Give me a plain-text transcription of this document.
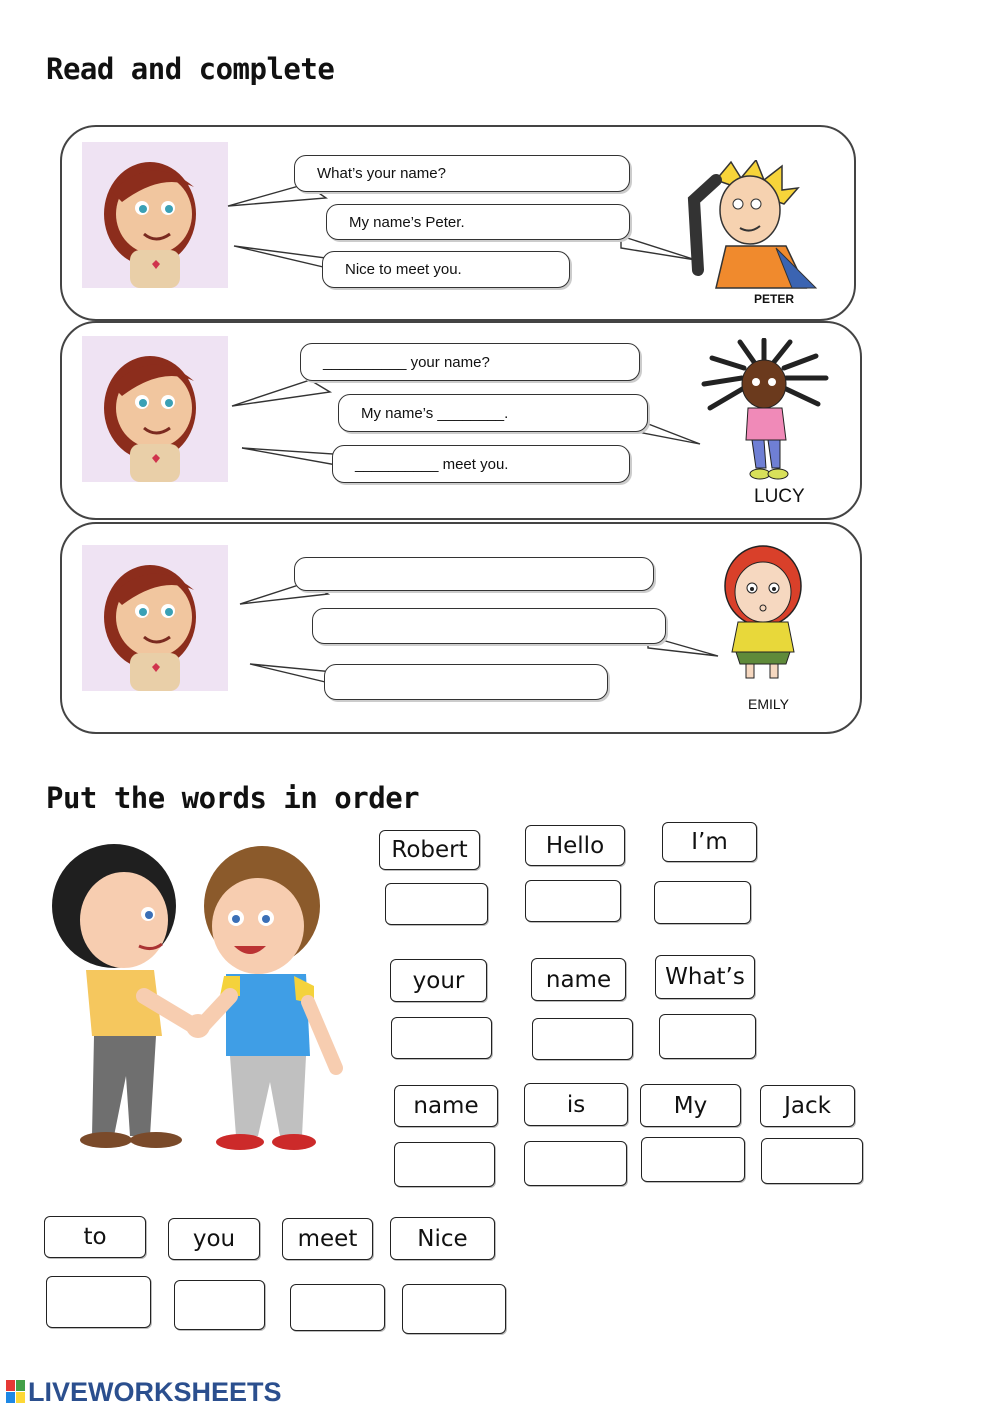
Read and complete
What’s your name?
My name’s Peter.
Nice to meet you.
PETER
__________ your name?
My name’s ________.
__________ meet you.
LUCY
EMILY
Put the words in order
Robert	Hello	I’m
your	name	What’s
name	is	My	Jack
to	you	meet	Nice
LIVEWORKSHEETS
